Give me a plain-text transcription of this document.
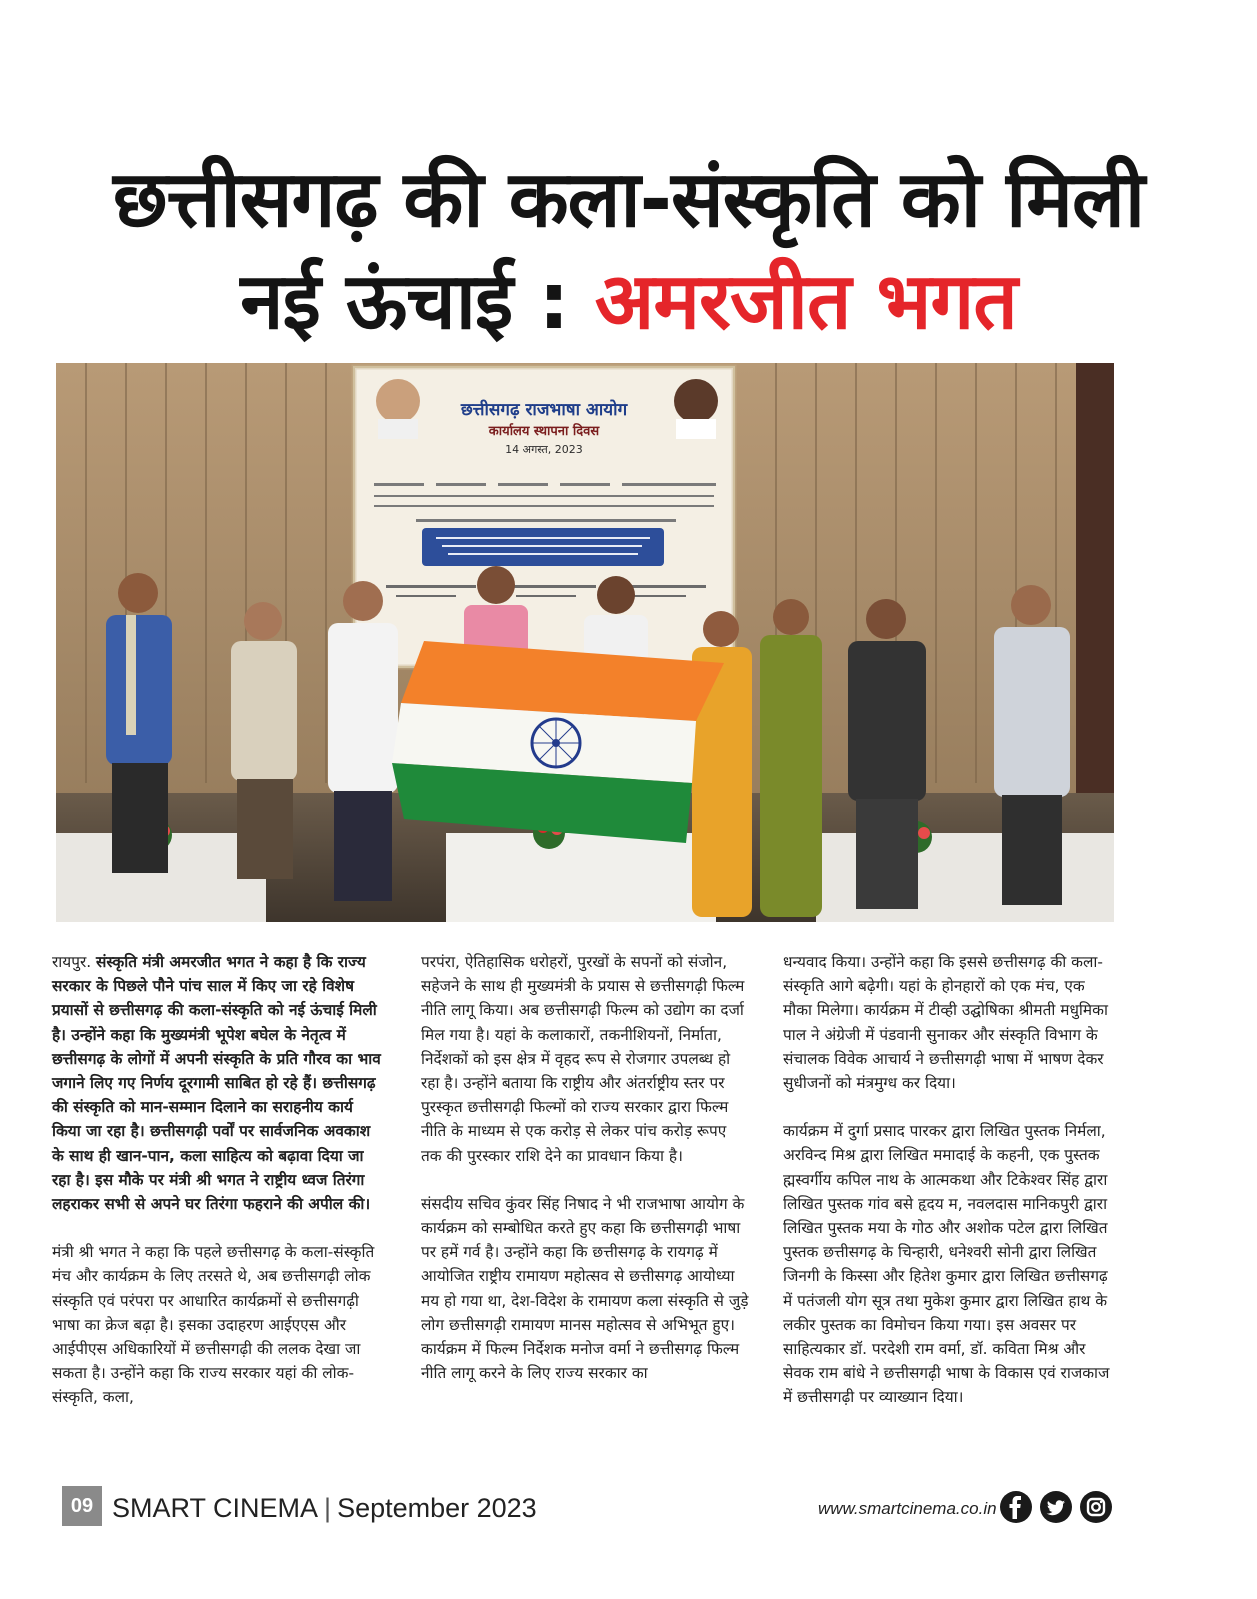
छत्तीसगढ़ की कला-संस्कृति को मिली
नई ऊंचाई : अमरजीत भगत
छत्तीसगढ़ राजभाषा आयोग
कार्यालय स्थापना दिवस
14 अगस्त, 2023

रायपुर. संस्कृति मंत्री अमरजीत भगत ने कहा है कि राज्य सरकार के पिछले पौने पांच साल में किए जा रहे विशेष प्रयासों से छत्तीसगढ़ की कला-संस्कृति को नई ऊंचाई मिली है। उन्होंने कहा कि मुख्यमंत्री भूपेश बघेल के नेतृत्व में छत्तीसगढ़ के लोगों में अपनी संस्कृति के प्रति गौरव का भाव जगाने लिए गए निर्णय दूरगामी साबित हो रहे हैं। छत्तीसगढ़ की संस्कृति को मान-सम्मान दिलाने का सराहनीय कार्य किया जा रहा है। छत्तीसगढ़ी पर्वों पर सार्वजनिक अवकाश के साथ ही खान-पान, कला साहित्य को बढ़ावा दिया जा रहा है। इस मौके पर मंत्री श्री भगत ने राष्ट्रीय ध्वज तिरंगा लहराकर सभी से अपने घर तिरंगा फहराने की अपील की।

मंत्री श्री भगत ने कहा कि पहले छत्तीसगढ़ के कला-संस्कृति मंच और कार्यक्रम के लिए तरसते थे, अब छत्तीसगढ़ी लोक संस्कृति एवं परंपरा पर आधारित कार्यक्रमों से छत्तीसगढ़ी भाषा का क्रेज बढ़ा है। इसका उदाहरण आईएएस और आईपीएस अधिकारियों में छत्तीसगढ़ी की ललक देखा जा सकता है। उन्होंने कहा कि राज्य सरकार यहां की लोक-संस्कृति, कला,

परपंरा, ऐतिहासिक धरोहरों, पुरखों के सपनों को संजोन, सहेजने के साथ ही मुख्यमंत्री के प्रयास से छत्तीसगढ़ी फिल्म नीति लागू किया। अब छत्तीसगढ़ी फिल्म को उद्योग का दर्जा मिल गया है। यहां के कलाकारों, तकनीशियनों, निर्माता, निर्देशकों को इस क्षेत्र में वृहद रूप से रोजगार उपलब्ध हो रहा है। उन्होंने बताया कि राष्ट्रीय और अंतर्राष्ट्रीय स्तर पर पुरस्कृत छत्तीसगढ़ी फिल्मों को राज्य सरकार द्वारा फिल्म नीति के माध्यम से एक करोड़ से लेकर पांच करोड़ रूपए तक की पुरस्कार राशि देने का प्रावधान किया है।

संसदीय सचिव कुंवर सिंह निषाद ने भी राजभाषा आयोग के कार्यक्रम को सम्बोधित करते हुए कहा कि छत्तीसगढ़ी भाषा पर हमें गर्व है। उन्होंने कहा कि छत्तीसगढ़ के रायगढ़ में आयोजित राष्ट्रीय रामायण महोत्सव से छत्तीसगढ़ आयोध्या मय हो गया था, देश-विदेश के रामायण कला संस्कृति से जुड़े लोग छत्तीसगढ़ी रामायण मानस महोत्सव से अभिभूत हुए। कार्यक्रम में फिल्म निर्देशक मनोज वर्मा ने छत्तीसगढ़ फिल्म नीति लागू करने के लिए राज्य सरकार का

धन्यवाद किया। उन्होंने कहा कि इससे छत्तीसगढ़ की कला-संस्कृति आगे बढ़ेगी। यहां के होनहारों को एक मंच, एक मौका मिलेगा। कार्यक्रम में टीव्ही उद्घोषिका श्रीमती मधुमिका पाल ने अंग्रेजी में पंडवानी सुनाकर और संस्कृति विभाग के संचालक विवेक आचार्य ने छत्तीसगढ़ी भाषा में भाषण देकर सुधीजनों को मंत्रमुग्ध कर दिया।

कार्यक्रम में दुर्गा प्रसाद पारकर द्वारा लिखित पुस्तक निर्मला, अरविन्द मिश्र द्वारा लिखित ममादाई के कहनी, एक पुस्तक ह्मस्वर्गीय कपिल नाथ के आत्मकथा और टिकेश्वर सिंह द्वारा लिखित पुस्तक गांव बसे हृदय म, नवलदास मानिकपुरी द्वारा लिखित पुस्तक मया के गोठ और अशोक पटेल द्वारा लिखित पुस्तक छत्तीसगढ़ के चिन्हारी, धनेश्वरी सोनी द्वारा लिखित जिनगी के किस्सा और हितेश कुमार द्वारा लिखित छत्तीसगढ़ में पतंजली योग सूत्र तथा मुकेश कुमार द्वारा लिखित हाथ के लकीर पुस्तक का विमोचन किया गया। इस अवसर पर साहित्यकार डॉ. परदेशी राम वर्मा, डॉ. कविता मिश्र और सेवक राम बांधे ने छत्तीसगढ़ी भाषा के विकास एवं राजकाज में छत्तीसगढ़ी पर व्याख्यान दिया।

09 SMART CINEMA | September 2023	www.smartcinema.co.in
